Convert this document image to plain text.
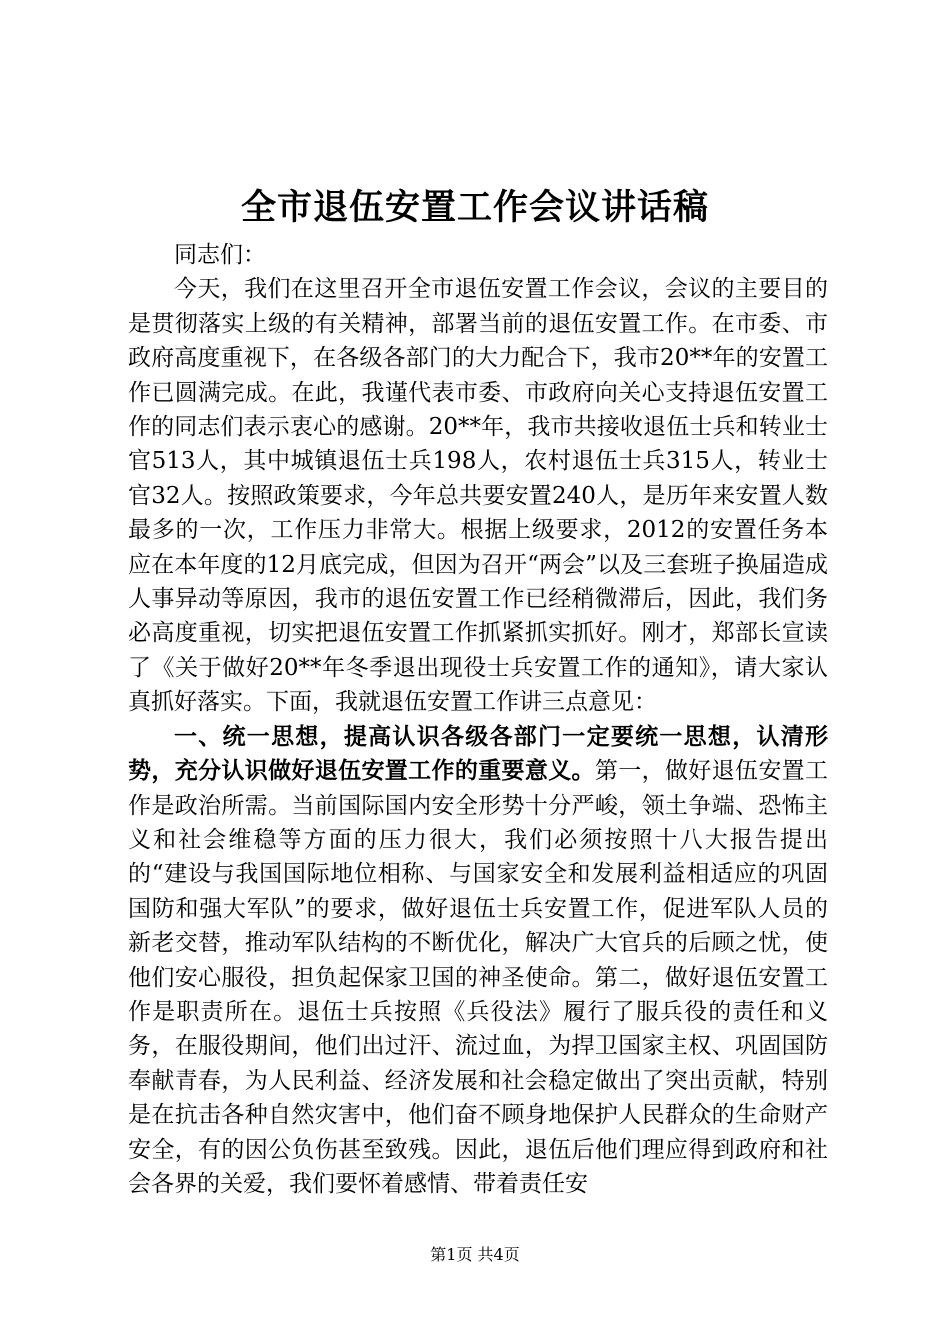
全市退伍安置工作会议讲话稿

同志们：

今天，我们在这里召开全市退伍安置工作会议，会议的主要目的是贯彻落实上级的有关精神，部署当前的退伍安置工作。在市委、市政府高度重视下，在各级各部门的大力配合下，我市20**年的安置工作已圆满完成。在此，我谨代表市委、市政府向关心支持退伍安置工作的同志们表示衷心的感谢。20**年，我市共接收退伍士兵和转业士官513人，其中城镇退伍士兵198人，农村退伍士兵315人，转业士官32人。按照政策要求，今年总共要安置240人，是历年来安置人数最多的一次，工作压力非常大。根据上级要求，2012的安置任务本应在本年度的12月底完成，但因为召开“两会”以及三套班子换届造成人事异动等原因，我市的退伍安置工作已经稍微滞后，因此，我们务必高度重视，切实把退伍安置工作抓紧抓实抓好。刚才，郑部长宣读了《关于做好20**年冬季退出现役士兵安置工作的通知》，请大家认真抓好落实。下面，我就退伍安置工作讲三点意见：

一、统一思想，提高认识各级各部门一定要统一思想，认清形势，充分认识做好退伍安置工作的重要意义。第一，做好退伍安置工作是政治所需。当前国际国内安全形势十分严峻，领土争端、恐怖主义和社会维稳等方面的压力很大，我们必须按照十八大报告提出的“建设与我国国际地位相称、与国家安全和发展利益相适应的巩固国防和强大军队”的要求，做好退伍士兵安置工作，促进军队人员的新老交替，推动军队结构的不断优化，解决广大官兵的后顾之忧，使他们安心服役，担负起保家卫国的神圣使命。第二，做好退伍安置工作是职责所在。退伍士兵按照《兵役法》履行了服兵役的责任和义务，在服役期间，他们出过汗、流过血，为捍卫国家主权、巩固国防奉献青春，为人民利益、经济发展和社会稳定做出了突出贡献，特别是在抗击各种自然灾害中，他们奋不顾身地保护人民群众的生命财产安全，有的因公负伤甚至致残。因此，退伍后他们理应得到政府和社会各界的关爱，我们要怀着感情、带着责任安

第1页 共4页
